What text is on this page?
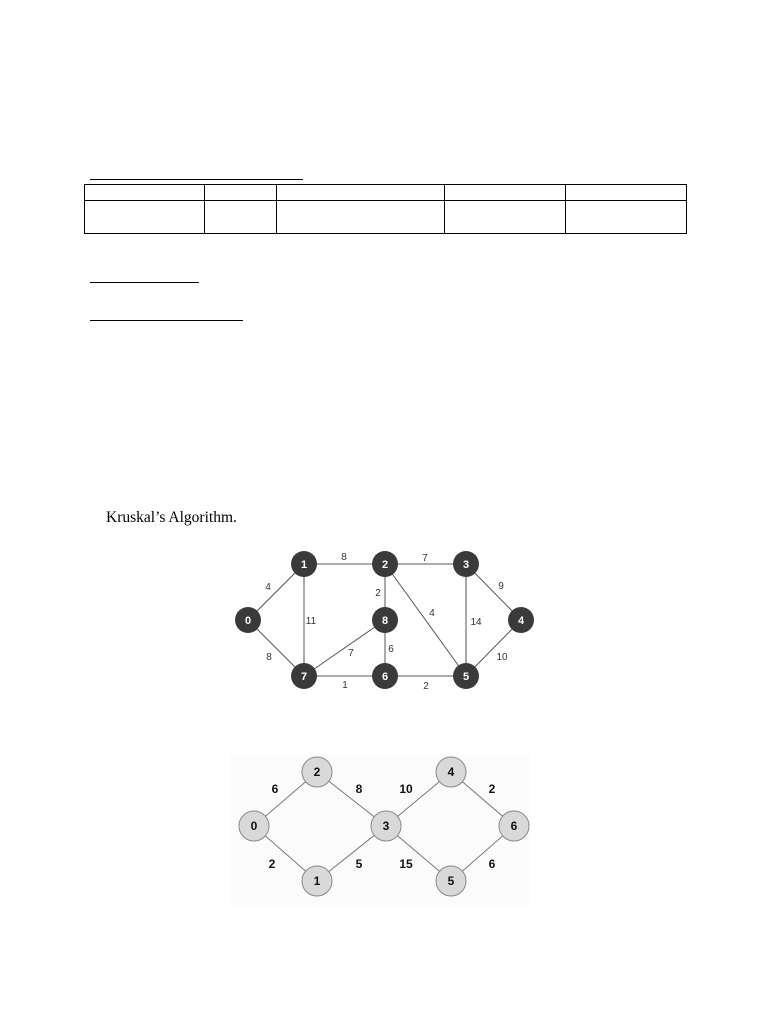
Kruskal’s Algorithm.
4
8
8
11
7
2
4
9
14
10
2
1
6
7
0
1	2	3
4
5
6
7
8
6
2
8
5
10
15
2
6
0
1
2
3
4
5
6
